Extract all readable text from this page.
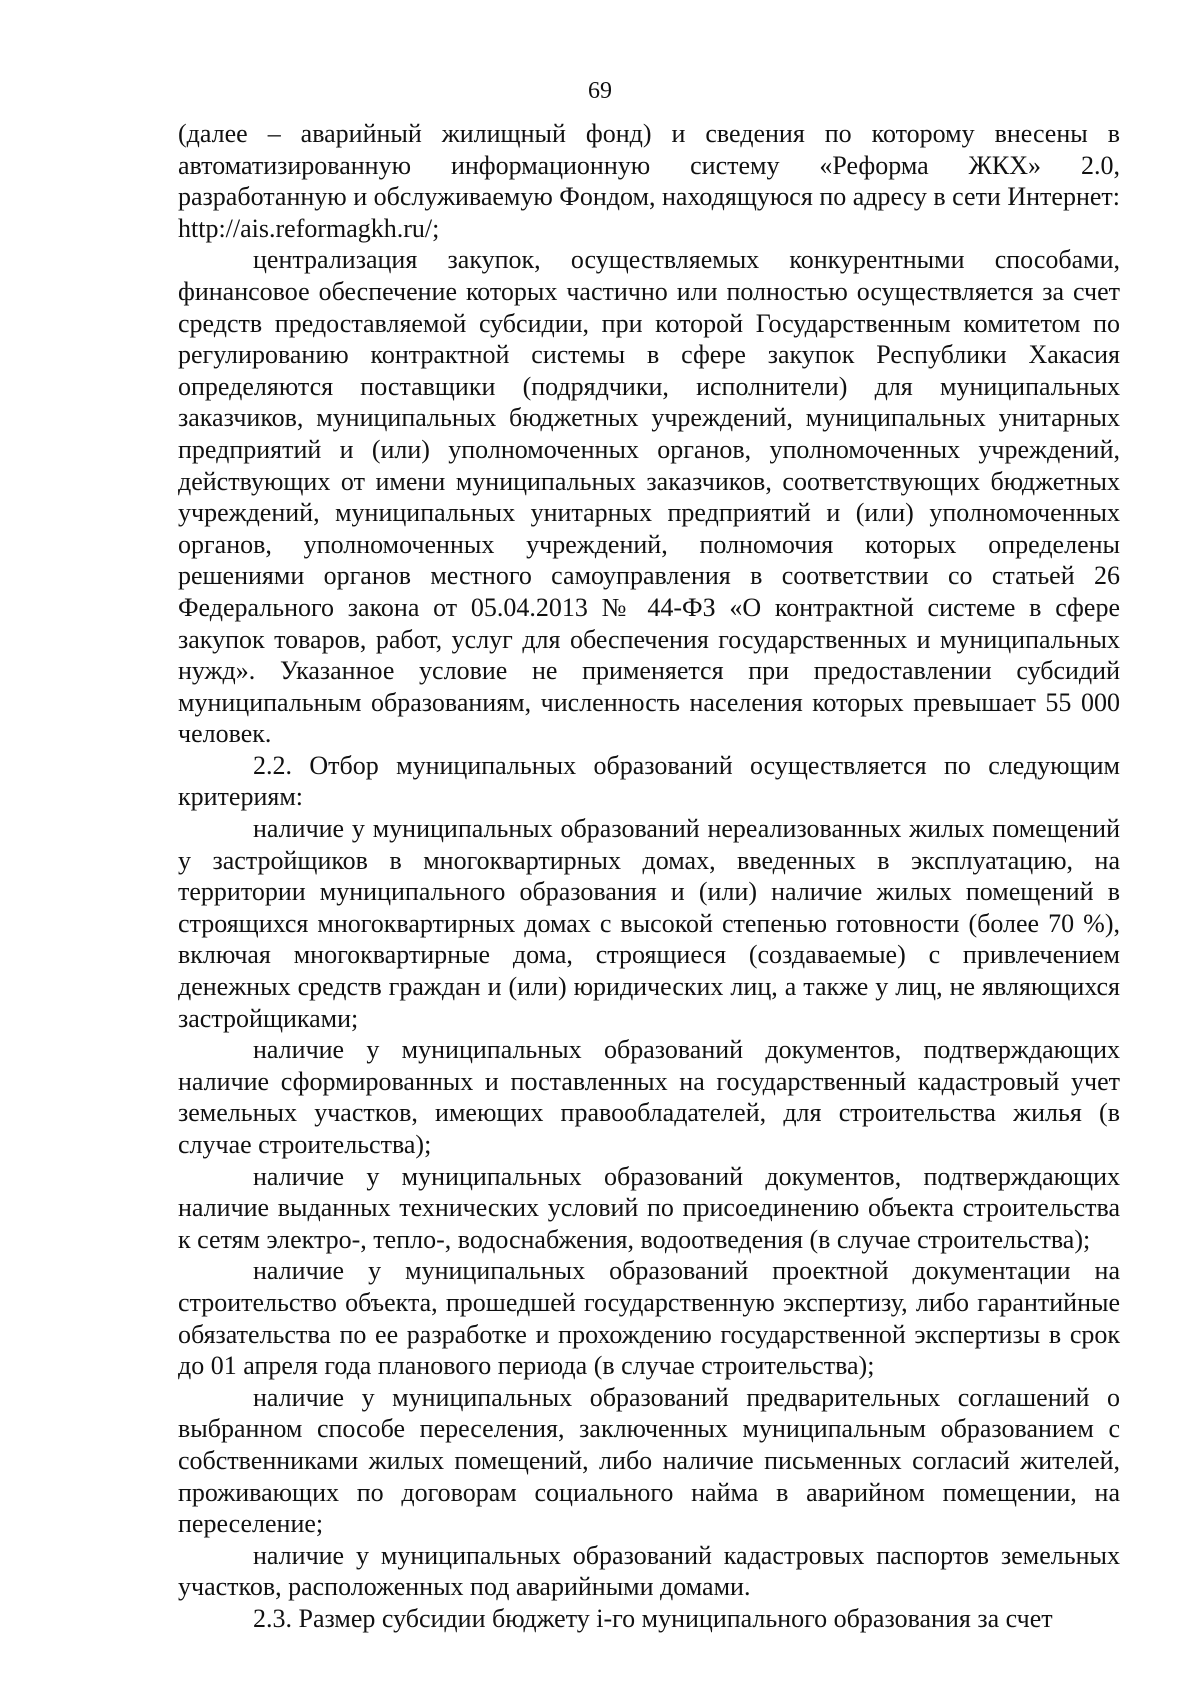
69

(далее – аварийный жилищный фонд) и сведения по которому внесены в автоматизированную информационную систему «Реформа ЖКХ» 2.0, разработанную и обслуживаемую Фондом, находящуюся по адресу в сети Интернет: http://ais.reformagkh.ru/;

централизация закупок, осуществляемых конкурентными способами, финансовое обеспечение которых частично или полностью осуществляется за счет средств предоставляемой субсидии, при которой Государственным комитетом по регулированию контрактной системы в сфере закупок Республики Хакасия определяются поставщики (подрядчики, исполнители) для муниципальных заказчиков, муниципальных бюджетных учреждений, муниципальных унитарных предприятий и (или) уполномоченных органов, уполномоченных учреждений, действующих от имени муниципальных заказчиков, соответствующих бюджетных учреждений, муниципальных унитарных предприятий и (или) уполномоченных органов, уполномоченных учреждений, полномочия которых определены решениями органов местного самоуправления в соответствии со статьей 26 Федерального закона от 05.04.2013 № 44-ФЗ «О контрактной системе в сфере закупок товаров, работ, услуг для обеспечения государственных и муниципальных нужд». Указанное условие не применяется при предоставлении субсидий муниципальным образованиям, численность населения которых превышает 55 000 человек.

2.2. Отбор муниципальных образований осуществляется по следующим критериям:

наличие у муниципальных образований нереализованных жилых помещений у застройщиков в многоквартирных домах, введенных в эксплуатацию, на территории муниципального образования и (или) наличие жилых помещений в строящихся многоквартирных домах с высокой степенью готовности (более 70 %), включая многоквартирные дома, строящиеся (создаваемые) с привлечением денежных средств граждан и (или) юридических лиц, а также у лиц, не являющихся застройщиками;

наличие у муниципальных образований документов, подтверждающих наличие сформированных и поставленных на государственный кадастровый учет земельных участков, имеющих правообладателей, для строительства жилья (в случае строительства);

наличие у муниципальных образований документов, подтверждающих наличие выданных технических условий по присоединению объекта строительства к сетям электро-, тепло-, водоснабжения, водоотведения (в случае строительства);

наличие у муниципальных образований проектной документации на строительство объекта, прошедшей государственную экспертизу, либо гарантийные обязательства по ее разработке и прохождению государственной экспертизы в срок до 01 апреля года планового периода (в случае строительства);

наличие у муниципальных образований предварительных соглашений о выбранном способе переселения, заключенных муниципальным образованием с собственниками жилых помещений, либо наличие письменных согласий жителей, проживающих по договорам социального найма в аварийном помещении, на переселение;

наличие у муниципальных образований кадастровых паспортов земельных участков, расположенных под аварийными домами.

2.3. Размер субсидии бюджету i-го муниципального образования за счет
